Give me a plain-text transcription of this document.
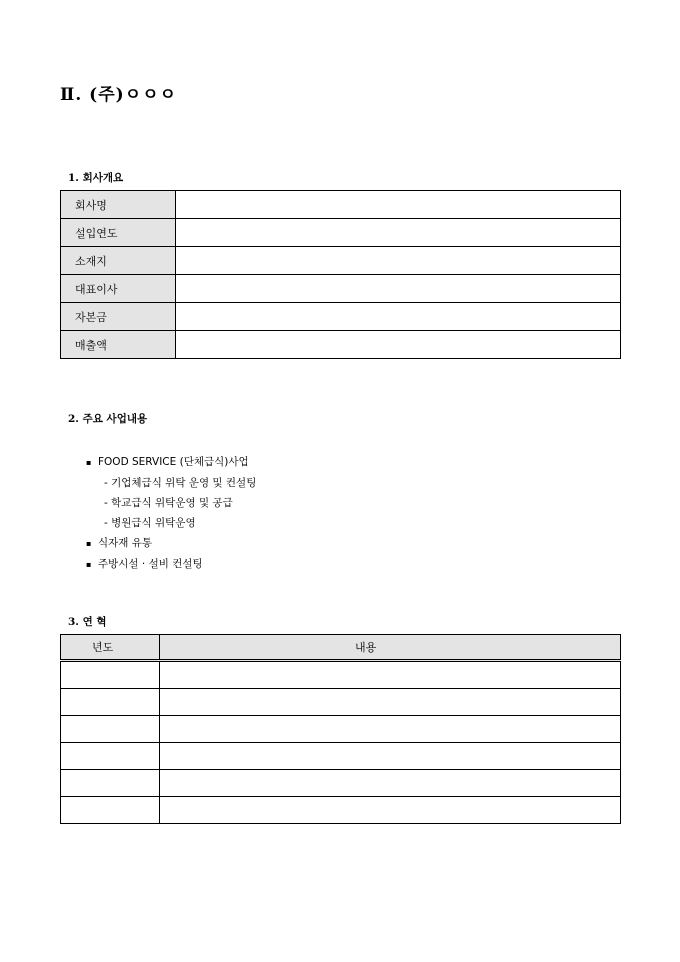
Ⅱ. (주)ㅇㅇㅇ
1. 회사개요
회사명	
설입연도	
소재지	
대표이사	
자본금	
매출액	
2. 주요 사업내용
▪ FOOD SERVICE (단체급식)사업
- 기업체급식 위탁 운영 및 컨설팅
- 학교급식 위탁운영 및 공급
- 병원급식 위탁운영
▪ 식자재 유통
▪ 주방시설 · 설비 컨설팅
3. 연 혁
년도	내용
